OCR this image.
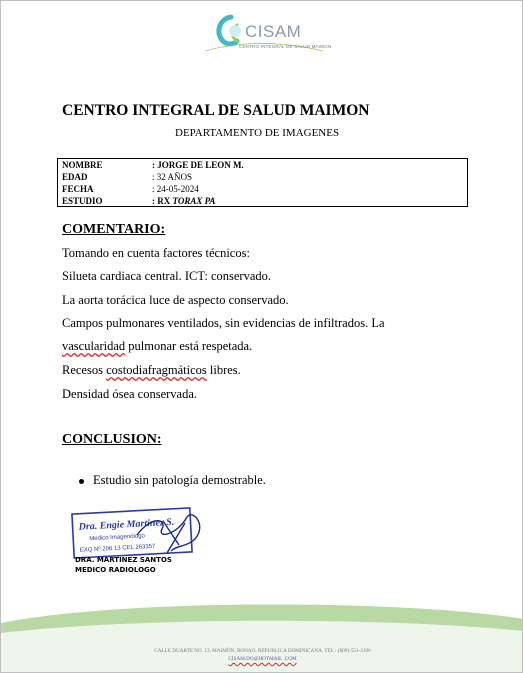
CISAM
CENTRO INTEGRAL DE SALUD MAIMON
CENTRO INTEGRAL DE SALUD MAIMON
DEPARTAMENTO DE IMAGENES
NOMBRE	: JORGE DE LEON M.
EDAD	: 32 AÑOS
FECHA	: 24-05-2024
ESTUDIO	: RX TORAX PA
COMENTARIO:
Tomando en cuenta factores técnicos:
Silueta cardiaca central. ICT: conservado.
La aorta torácica luce de aspecto conservado.
Campos pulmonares ventilados, sin evidencias de infiltrados. La
vascularidad pulmonar está respetada.
Recesos costodiafragmáticos libres.
Densidad ósea conservada.
CONCLUSION:
Estudio sin patología demostrable.
Dra. Engie Martinez S.
Medico Imagenólogo
EXQ Nº 206 13 CEL 263357
DRA. MARTINEZ SANTOS
MEDICO RADIOLOGO
CALLE DUARTE NO. 13, MAIMÓN, BONAO, REPUBLICA DOMINICANA, TEL.: (809)-551-2106
CISAM.DO@HOTMAIL .COM
